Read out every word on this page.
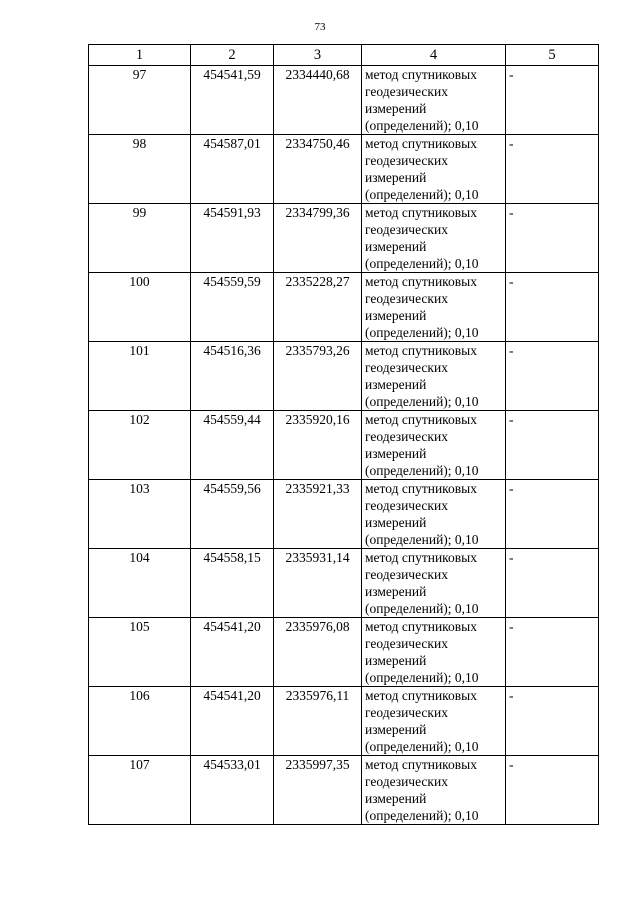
73
1	2	3	4	5
97	454541,59	2334440,68	метод спутниковых
геодезических
измерений
(определений); 0,10	-
98	454587,01	2334750,46	метод спутниковых
геодезических
измерений
(определений); 0,10	-
99	454591,93	2334799,36	метод спутниковых
геодезических
измерений
(определений); 0,10	-
100	454559,59	2335228,27	метод спутниковых
геодезических
измерений
(определений); 0,10	-
101	454516,36	2335793,26	метод спутниковых
геодезических
измерений
(определений); 0,10	-
102	454559,44	2335920,16	метод спутниковых
геодезических
измерений
(определений); 0,10	-
103	454559,56	2335921,33	метод спутниковых
геодезических
измерений
(определений); 0,10	-
104	454558,15	2335931,14	метод спутниковых
геодезических
измерений
(определений); 0,10	-
105	454541,20	2335976,08	метод спутниковых
геодезических
измерений
(определений); 0,10	-
106	454541,20	2335976,11	метод спутниковых
геодезических
измерений
(определений); 0,10	-
107	454533,01	2335997,35	метод спутниковых
геодезических
измерений
(определений); 0,10	-
